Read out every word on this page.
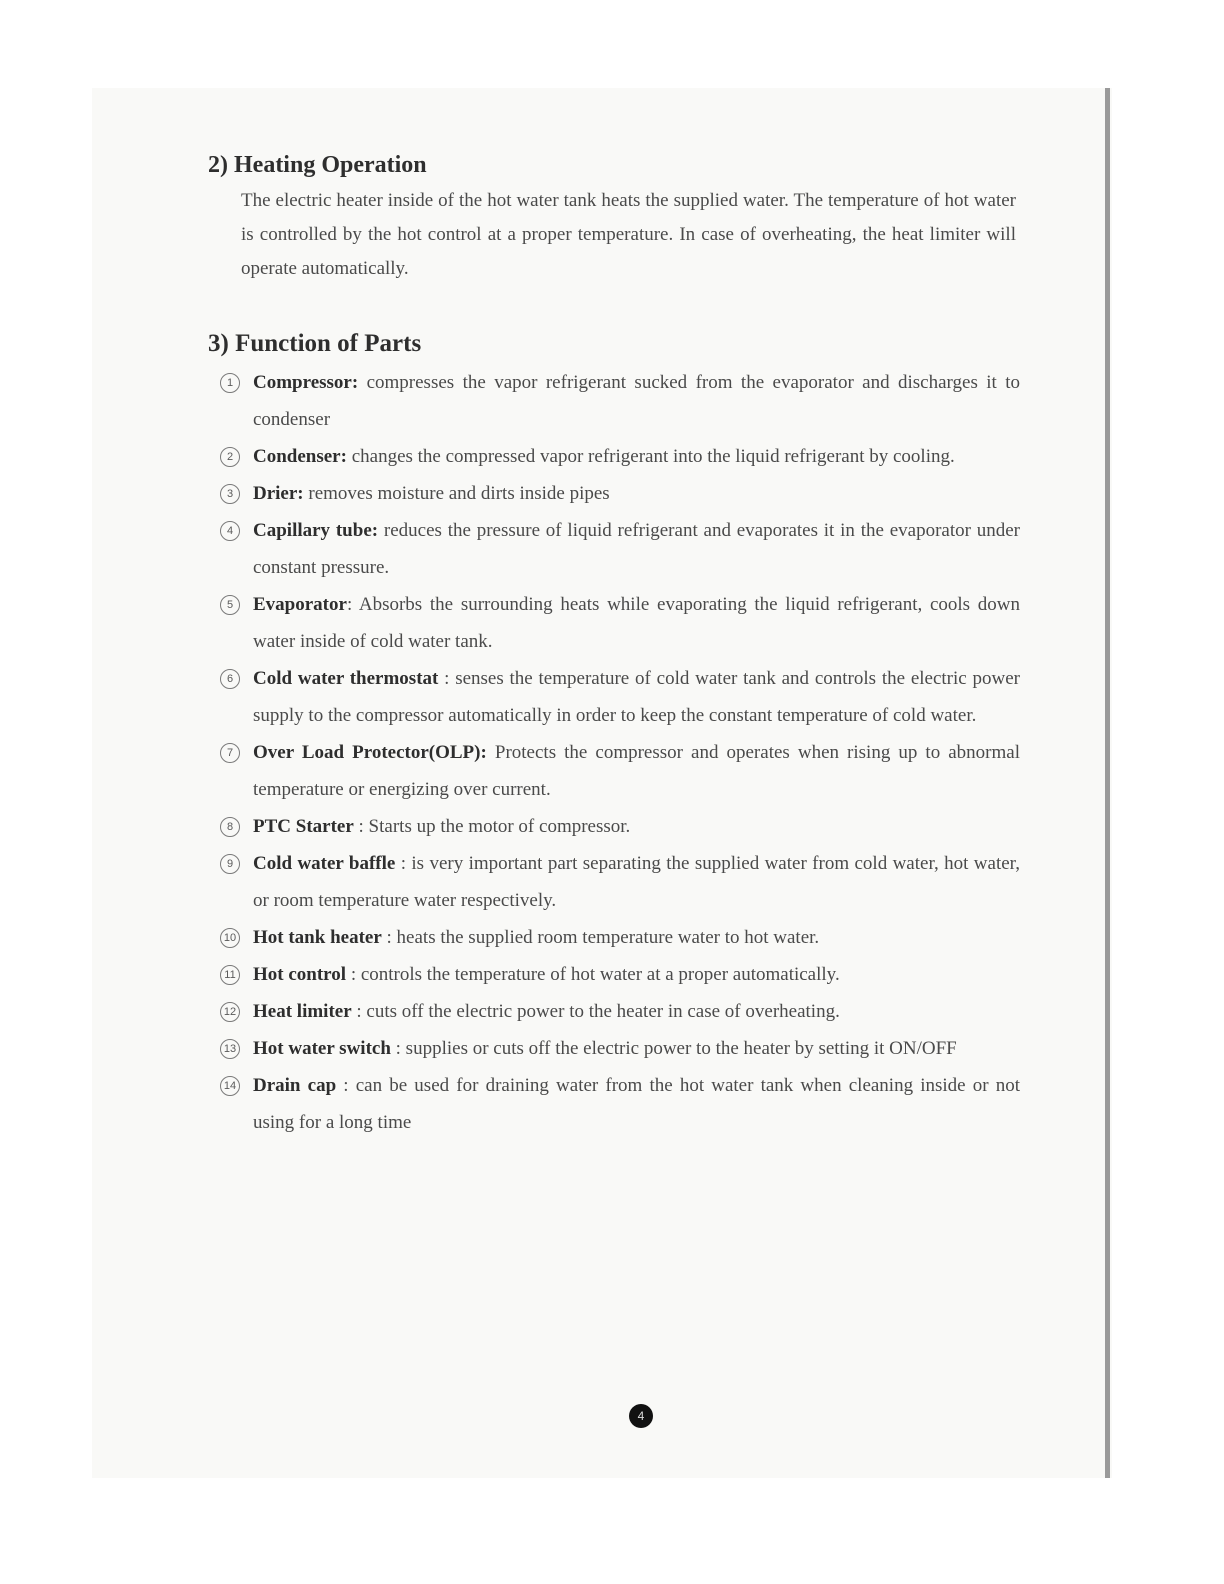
2) Heating Operation
The electric heater inside of the hot water tank heats the supplied water. The temperature of hot water is controlled by the hot control at a proper temperature. In case of overheating, the heat limiter will operate automatically.
3) Function of Parts
1	Compressor: compresses the vapor refrigerant sucked from the evaporator and discharges it to condenser
2	Condenser: changes the compressed vapor refrigerant into the liquid refrigerant by cooling.
3	Drier: removes moisture and dirts inside pipes
4	Capillary tube: reduces the pressure of liquid refrigerant and evaporates it in the evaporator under constant pressure.
5	Evaporator: Absorbs the surrounding heats while evaporating the liquid refrigerant, cools down water inside of cold water tank.
6	Cold water thermostat : senses the temperature of cold water tank and controls the electric power supply to the compressor automatically in order to keep the constant temperature of cold water.
7	Over Load Protector(OLP): Protects the compressor and operates when rising up to abnormal temperature or energizing over current.
8	PTC Starter : Starts up the motor of compressor.
9	Cold water baffle : is very important part separating the supplied water from cold water, hot water, or room temperature water respectively.
10 Hot tank heater : heats the supplied room temperature water to hot water.
11 Hot control : controls the temperature of hot water at a proper automatically.
12 Heat limiter : cuts off the electric power to the heater in case of overheating.
13 Hot water switch : supplies or cuts off the electric power to the heater by setting it ON/OFF
14 Drain cap : can be used for draining water from the hot water tank when cleaning inside or not using for a long time
4
